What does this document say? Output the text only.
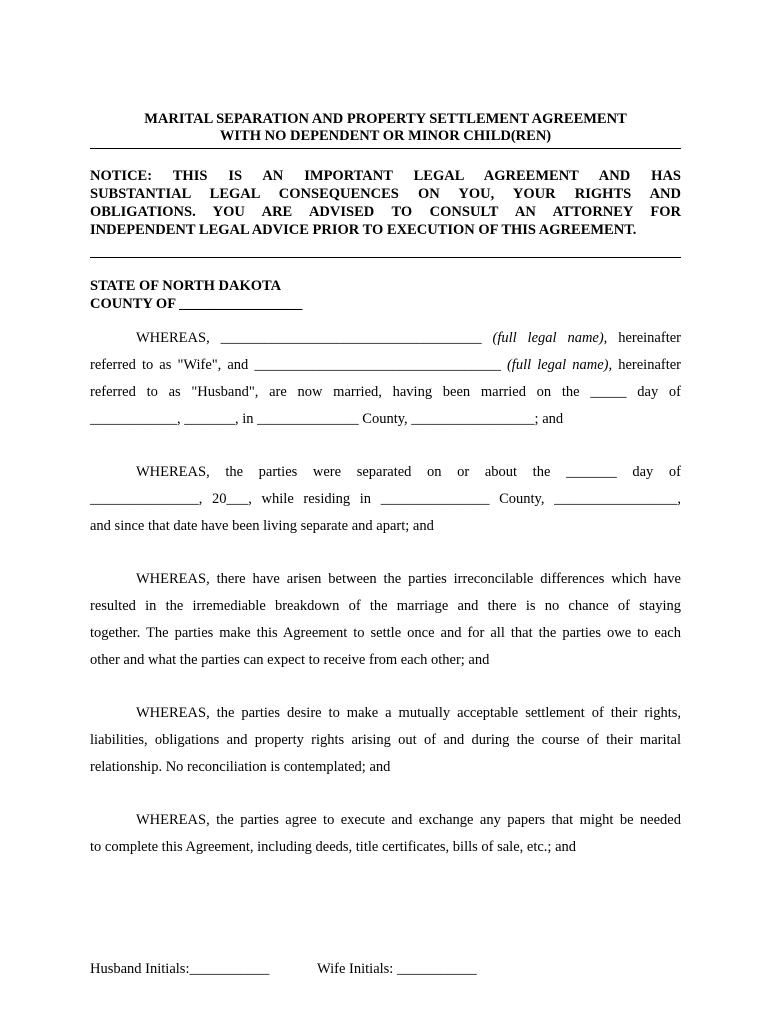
MARITAL SEPARATION AND PROPERTY SETTLEMENT AGREEMENT
WITH NO DEPENDENT OR MINOR CHILD(REN)
NOTICE: THIS IS AN IMPORTANT LEGAL AGREEMENT AND HAS
SUBSTANTIAL LEGAL CONSEQUENCES ON YOU, YOUR RIGHTS AND
OBLIGATIONS. YOU ARE ADVISED TO CONSULT AN ATTORNEY FOR
INDEPENDENT LEGAL ADVICE PRIOR TO EXECUTION OF THIS AGREEMENT.
STATE OF NORTH DAKOTA
COUNTY OF _________________
WHEREAS, ____________________________________ (full legal name), hereinafter
referred to as "Wife", and __________________________________ (full legal name), hereinafter
referred to as "Husband", are now married, having been married on the _____ day of
____________, _______, in ______________ County, _________________; and
WHEREAS, the parties were separated on or about the _______ day of
_______________, 20___, while residing in _______________ County, _________________,
and since that date have been living separate and apart; and
WHEREAS, there have arisen between the parties irreconcilable differences which have
resulted in the irremediable breakdown of the marriage and there is no chance of staying
together. The parties make this Agreement to settle once and for all that the parties owe to each
other and what the parties can expect to receive from each other; and
WHEREAS, the parties desire to make a mutually acceptable settlement of their rights,
liabilities, obligations and property rights arising out of and during the course of their marital
relationship. No reconciliation is contemplated; and
WHEREAS, the parties agree to execute and exchange any papers that might be needed
to complete this Agreement, including deeds, title certificates, bills of sale, etc.; and
Husband Initials:___________	Wife Initials: ___________
